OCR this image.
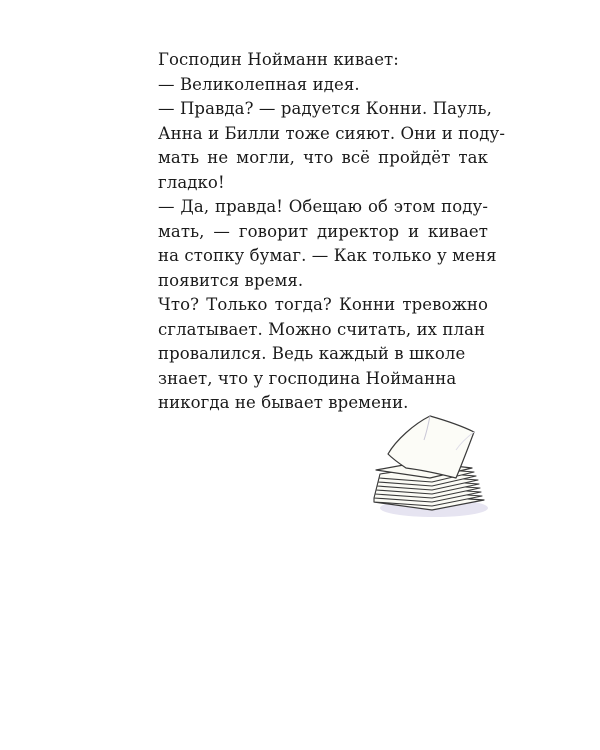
Господин Нойманн кивает:
— Великолепная идея.
— Правда? — радуется Конни. Пауль,
Анна и Билли тоже сияют. Они и поду-
мать не могли, что всё пройдёт так
гладко!
— Да, правда! Обещаю об этом поду-
мать, — говорит директор и кивает
на стопку бумаг. — Как только у меня
появится время.
Что? Только тогда? Конни тревожно
сглатывает. Можно считать, их план
провалился. Ведь каждый в школе
знает, что у господина Нойманна
никогда не бывает времени.
